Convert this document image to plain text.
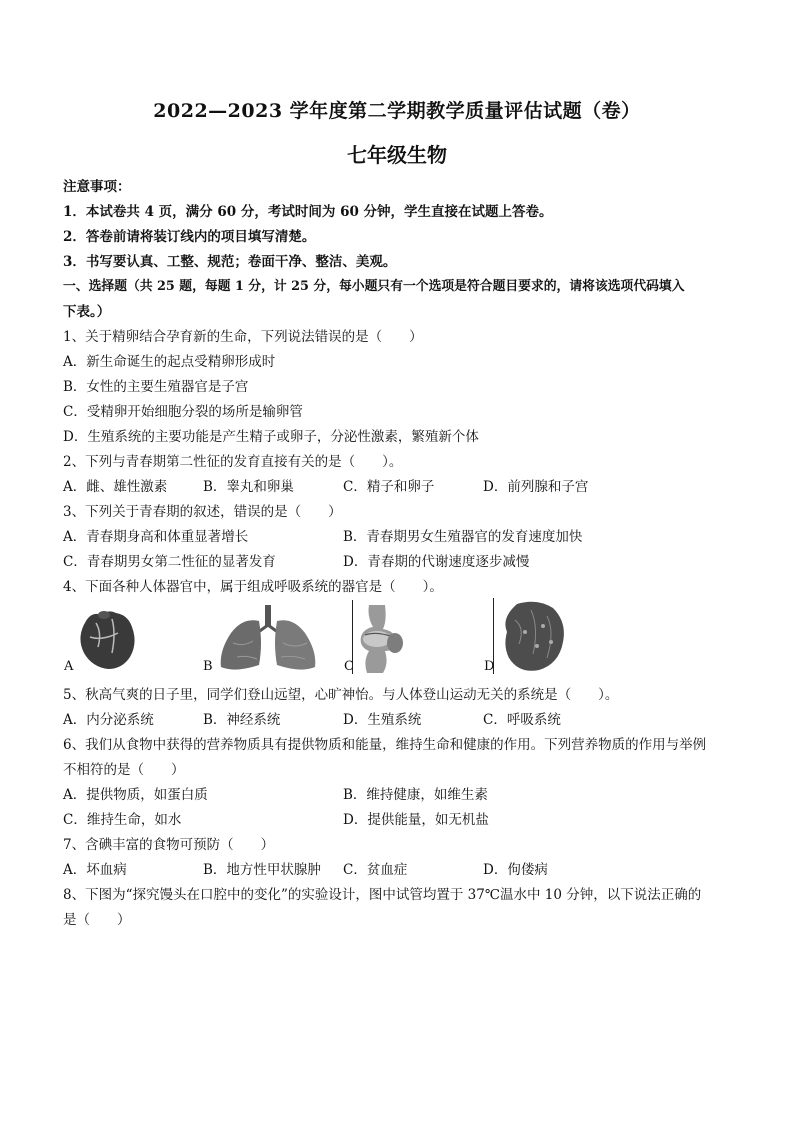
2022—2023 学年度第二学期教学质量评估试题（卷）
七年级生物
注意事项：
1．本试卷共 4 页，满分 60 分，考试时间为 60 分钟，学生直接在试题上答卷。
2．答卷前请将装订线内的项目填写清楚。
3．书写要认真、工整、规范；卷面干净、整洁、美观。
一、选择题（共 25 题，每题 1 分，计 25 分，每小题只有一个选项是符合题目要求的，请将该选项代码填入
下表。）
1、关于精卵结合孕育新的生命，下列说法错误的是（　　）
A．新生命诞生的起点受精卵形成时
B．女性的主要生殖器官是子宫
C．受精卵开始细胞分裂的场所是输卵管
D．生殖系统的主要功能是产生精子或卵子，分泌性激素，繁殖新个体
2、下列与青春期第二性征的发育直接有关的是（　　）。
A．雌、雄性激素	B．睾丸和卵巢	C．精子和卵子	D．前列腺和子宫
3、下列关于青春期的叙述，错误的是（　　）
A．青春期身高和体重显著增长	B．青春期男女生殖器官的发育速度加快
C．青春期男女第二性征的显著发育	D．青春期的代谢速度逐步减慢
4、下面各种人体器官中，属于组成呼吸系统的器官是（　　）。
A	B	C	D
5、秋高气爽的日子里，同学们登山远望，心旷神怡。与人体登山运动无关的系统是（　　）。
A．内分泌系统	B．神经系统	D．生殖系统	C．呼吸系统
6、我们从食物中获得的营养物质具有提供物质和能量，维持生命和健康的作用。下列营养物质的作用与举例
不相符的是（　　）
A．提供物质，如蛋白质	B．维持健康，如维生素
C．维持生命，如水	D．提供能量，如无机盐
7、含碘丰富的食物可预防（　　）
A．坏血病	B．地方性甲状腺肿 C．贫血症	D．佝偻病
8、下图为“探究馒头在口腔中的变化”的实验设计，图中试管均置于 37℃温水中 10 分钟，以下说法正确的
是（　　）
